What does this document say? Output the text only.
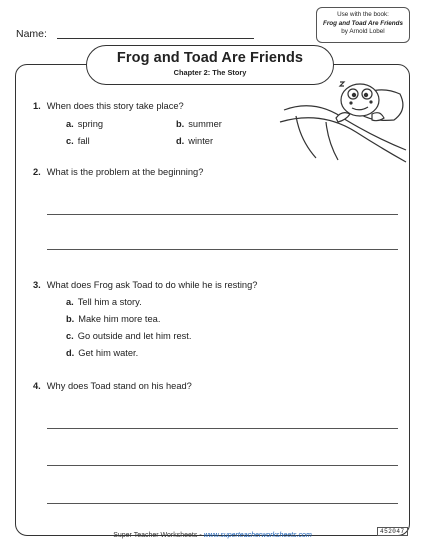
Name:
Use with the book:
Frog and Toad Are Friends
by Arnold Lobel
Frog and Toad Are Friends
Chapter 2: The Story
1. When does this story take place?
a. spring	b. summer
c. fall	d. winter
2. What is the problem at the beginning?
3. What does Frog ask Toad to do while he is resting?
a. Tell him a story.
b. Make him more tea.
c. Go outside and let him rest.
d. Get him water.
4. Why does Toad stand on his head?
Super Teacher Worksheets - www.superteacherworksheets.com
452047
